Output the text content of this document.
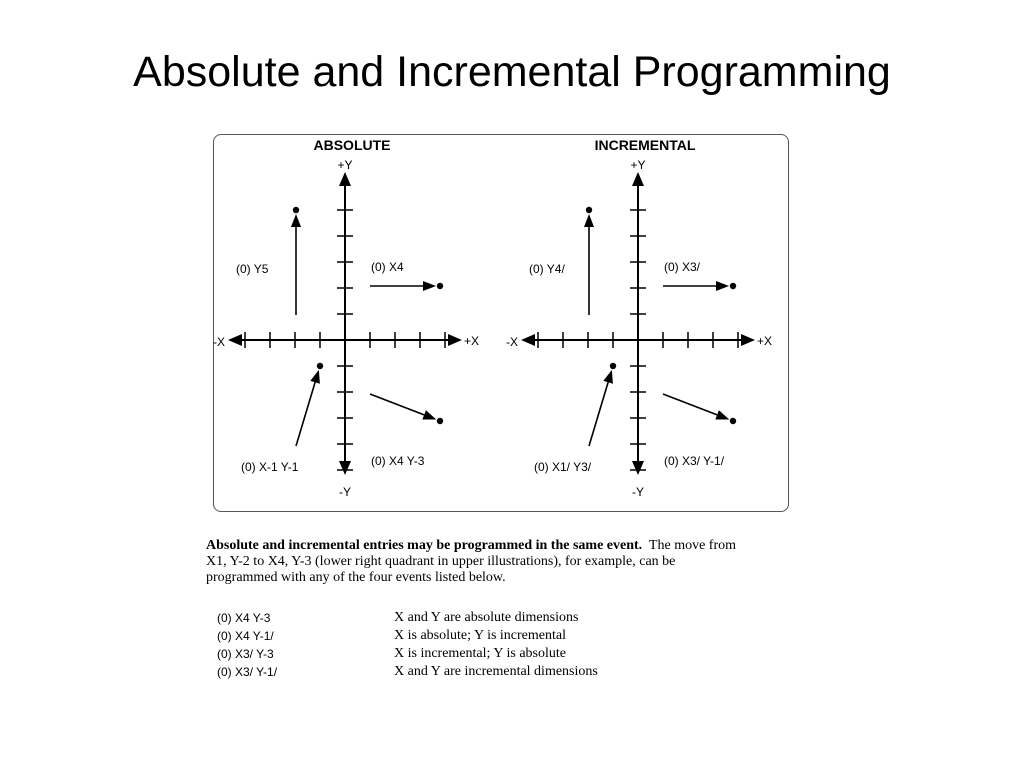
Absolute and Incremental Programming
ABSOLUTE
+Y
-Y
+X
-X
(0) Y5	(0) X4
(0) X-1 Y-1	(0) X4 Y-3
INCREMENTAL
+Y
-Y
+X
-X
(0) Y4/	(0) X3/
(0) X1/ Y3/	(0) X3/ Y-1/
Absolute and incremental entries may be programmed in the same event. The move from
X1, Y-2 to X4, Y-3 (lower right quadrant in upper illustrations), for example, can be
programmed with any of the four events listed below.
(0) X4 Y-3	X and Y are absolute dimensions
(0) X4 Y-1/	X is absolute; Y is incremental
(0) X3/ Y-3	X is incremental; Y is absolute
(0) X3/ Y-1/	X and Y are incremental dimensions
